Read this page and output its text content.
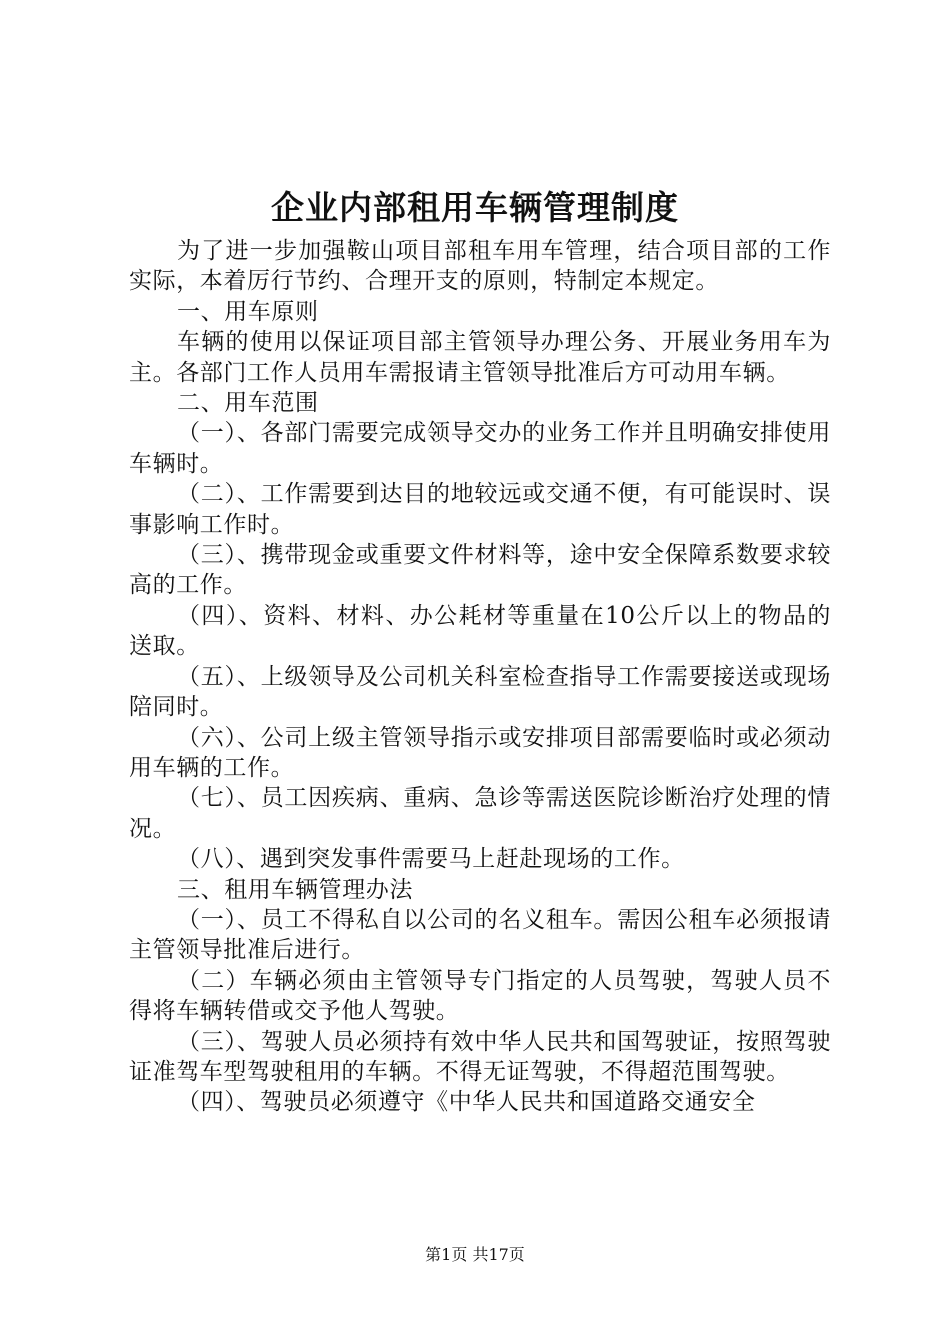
企业内部租用车辆管理制度

为了进一步加强鞍山项目部租车用车管理，结合项目部的工作实际，本着厉行节约、合理开支的原则，特制定本规定。

一、用车原则

车辆的使用以保证项目部主管领导办理公务、开展业务用车为主。各部门工作人员用车需报请主管领导批准后方可动用车辆。

二、用车范围

（一）、各部门需要完成领导交办的业务工作并且明确安排使用车辆时。

（二）、工作需要到达目的地较远或交通不便，有可能误时、误事影响工作时。

（三）、携带现金或重要文件材料等，途中安全保障系数要求较高的工作。

（四）、资料、材料、办公耗材等重量在10公斤以上的物品的送取。

（五）、上级领导及公司机关科室检查指导工作需要接送或现场陪同时。

（六）、公司上级主管领导指示或安排项目部需要临时或必须动用车辆的工作。

（七）、员工因疾病、重病、急诊等需送医院诊断治疗处理的情况。

（八）、遇到突发事件需要马上赶赴现场的工作。

三、租用车辆管理办法

（一）、员工不得私自以公司的名义租车。需因公租车必须报请主管领导批准后进行。

（二）车辆必须由主管领导专门指定的人员驾驶，驾驶人员不得将车辆转借或交予他人驾驶。

（三）、驾驶人员必须持有效中华人民共和国驾驶证，按照驾驶证准驾车型驾驶租用的车辆。不得无证驾驶，不得超范围驾驶。

（四）、驾驶员必须遵守《中华人民共和国道路交通安全

第1页 共17页
